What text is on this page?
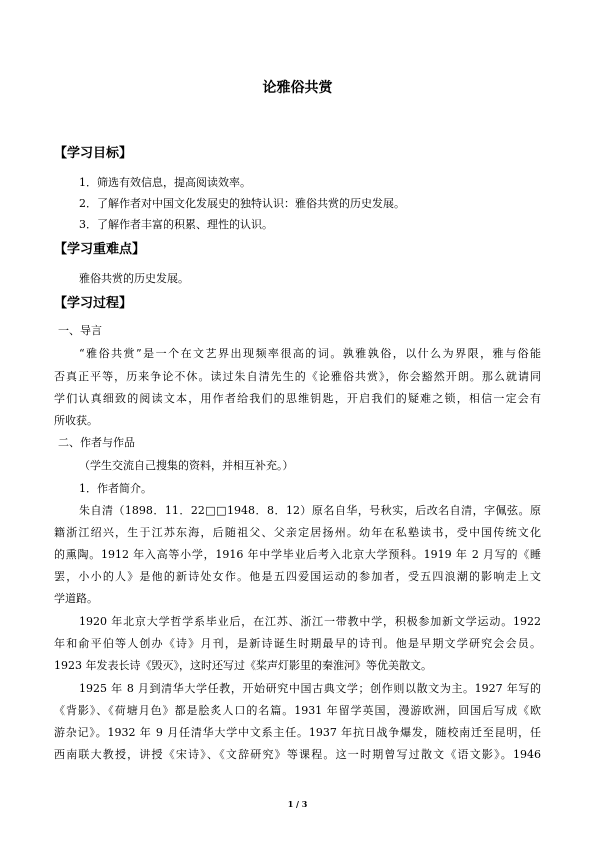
论雅俗共赏
【学习目标】
1．筛选有效信息，提高阅读效率。
2．了解作者对中国文化发展史的独特认识：雅俗共赏的历史发展。
3．了解作者丰富的积累、理性的认识。
【学习重难点】
雅俗共赏的历史发展。
【学习过程】
一、导言
“雅俗共赏”是一个在文艺界出现频率很高的词。孰雅孰俗，以什么为界限，雅与俗能
否真正平等，历来争论不休。读过朱自清先生的《论雅俗共赏》，你会豁然开朗。那么就请同
学们认真细致的阅读文本，用作者给我们的思维钥匙，开启我们的疑难之锁，相信一定会有
所收获。
二、作者与作品
（学生交流自己搜集的资料，并相互补充。）
1．作者简介。
朱自清（1898．11．22□□1948．8．12）原名自华，号秋实，后改名自清，字佩弦。原
籍浙江绍兴，生于江苏东海，后随祖父、父亲定居扬州。幼年在私塾读书，受中国传统文化
的熏陶。1912 年入高等小学，1916 年中学毕业后考入北京大学预科。1919 年 2 月写的《睡
罢，小小的人》是他的新诗处女作。他是五四爱国运动的参加者，受五四浪潮的影响走上文
学道路。
1920 年北京大学哲学系毕业后，在江苏、浙江一带教中学，积极参加新文学运动。1922
年和俞平伯等人创办《诗》月刊，是新诗诞生时期最早的诗刊。他是早期文学研究会会员。
1923 年发表长诗《毁灭》，这时还写过《桨声灯影里的秦淮河》等优美散文。
1925 年 8 月到清华大学任教，开始研究中国古典文学；创作则以散文为主。1927 年写的
《背影》、《荷塘月色》都是脍炙人口的名篇。1931 年留学英国，漫游欧洲，回国后写成《欧
游杂记》。1932 年 9 月任清华大学中文系主任。1937 年抗日战争爆发，随校南迁至昆明，任
西南联大教授，讲授《宋诗》、《文辞研究》等课程。这一时期曾写过散文《语文影》。1946
1 / 3
